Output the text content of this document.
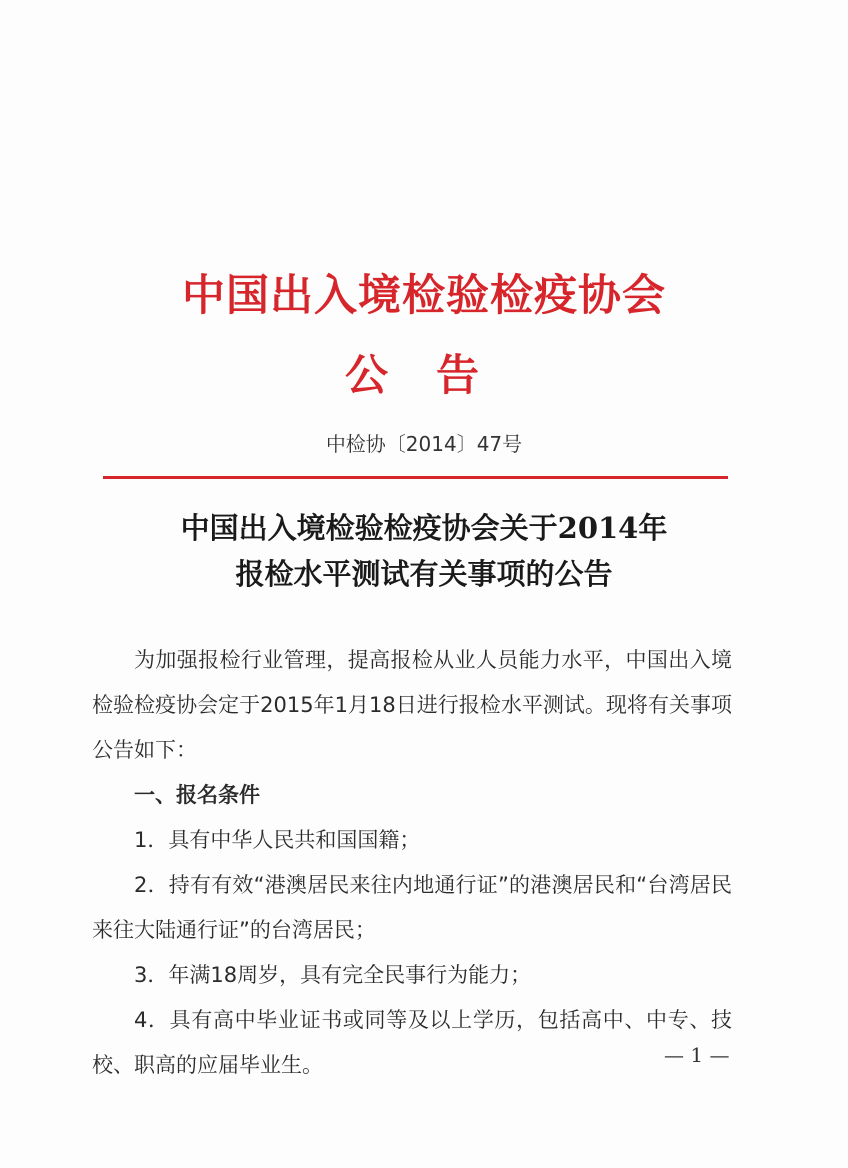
中国出入境检验检疫协会
公告
中检协〔2014〕47号
中国出入境检验检疫协会关于2014年
报检水平测试有关事项的公告

为加强报检行业管理，提高报检从业人员能力水平，中国出入境检验检疫协会定于2015年1月18日进行报检水平测试。现将有关事项公告如下：

一、报名条件

1．具有中华人民共和国国籍；

2．持有有效“港澳居民来往内地通行证”的港澳居民和“台湾居民来往大陆通行证”的台湾居民；

3．年满18周岁，具有完全民事行为能力；

4．具有高中毕业证书或同等及以上学历，包括高中、中专、技校、职高的应届毕业生。	— 1 —
